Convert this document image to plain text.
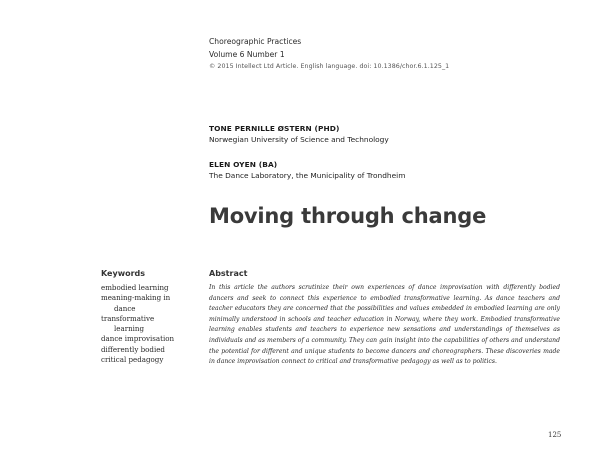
Choreographic Practices
Volume 6 Number 1
© 2015 Intellect Ltd Article. English language. doi: 10.1386/chor.6.1.125_1
TONE PERNILLE ØSTERN (PHD)
Norwegian University of Science and Technology
ELEN OYEN (BA)
The Dance Laboratory, the Municipality of Trondheim
Moving through change
Keywords
embodied learning
meaning-making in
dance
transformative
learning
dance improvisation
differently bodied
critical pedagogy
Abstract

In this article the authors scrutinize their own experiences of dance improvisation with differently bodied dancers and seek to connect this experience to embodied transformative learning. As dance teachers and teacher educators they are concerned that the possibilities and values embedded in embodied learning are only minimally understood in schools and teacher education in Norway, where they work. Embodied transformative learning enables students and teachers to experience new sensations and understandings of themselves as individuals and as members of a community. They can gain insight into the capabilities of others and understand the potential for different and unique students to become dancers and choreographers. These discoveries made in dance improvisation connect to critical and transformative pedagogy as well as to politics.

125
